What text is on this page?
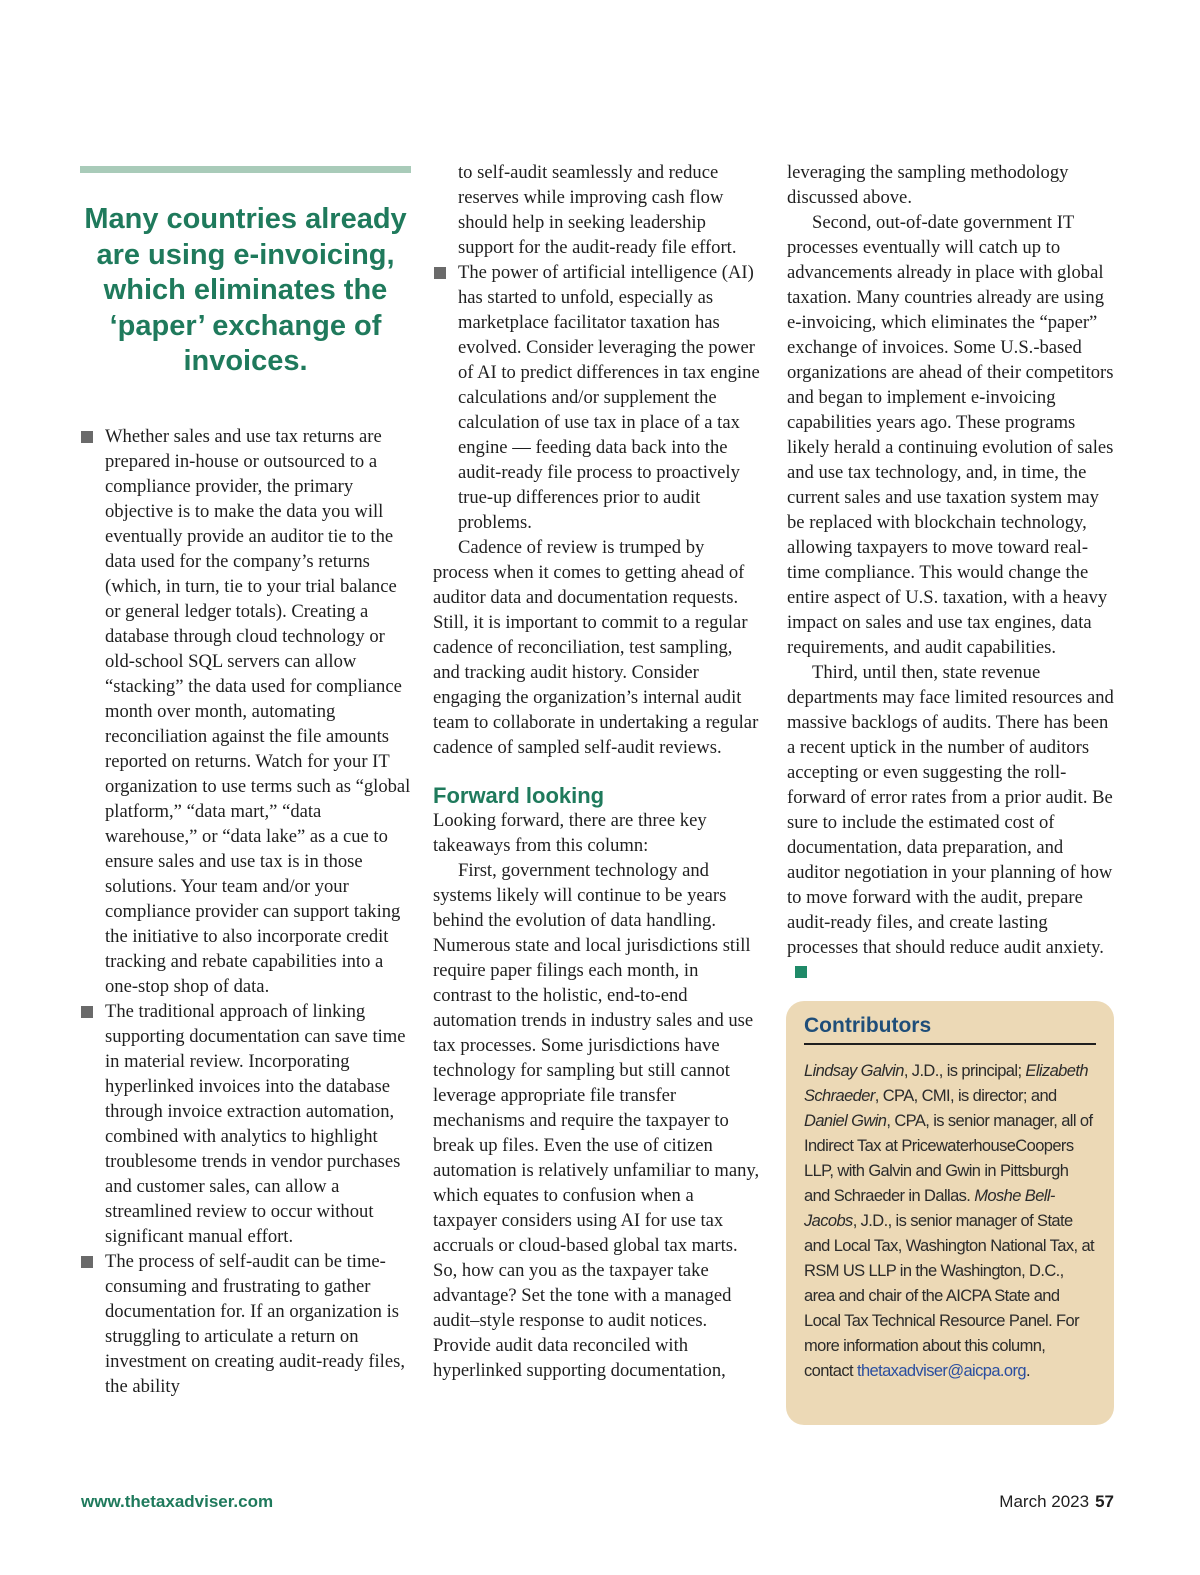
Many countries already are using e-invoicing, which eliminates the ‘paper’ exchange of invoices.

Whether sales and use tax returns are prepared in-house or outsourced to a compliance provider, the primary objective is to make the data you will eventually provide an auditor tie to the data used for the company’s returns (which, in turn, tie to your trial balance or general ledger totals). Creating a database through cloud technology or old-school SQL servers can allow “stacking” the data used for compliance month over month, automating reconciliation against the file amounts reported on returns. Watch for your IT organization to use terms such as “global platform,” “data mart,” “data warehouse,” or “data lake” as a cue to ensure sales and use tax is in those solutions. Your team and/or your compliance provider can support taking the initiative to also incorporate credit tracking and rebate capabilities into a one-stop shop of data.
The traditional approach of linking supporting documentation can save time in material review. Incorporating hyperlinked invoices into the database through invoice extraction automation, combined with analytics to highlight troublesome trends in vendor purchases and customer sales, can allow a streamlined review to occur without significant manual effort.
The process of self-audit can be time-consuming and frustrating to gather documentation for. If an organization is struggling to articulate a return on investment on creating audit-ready files, the ability
to self-audit seamlessly and reduce reserves while improving cash flow should help in seeking leadership support for the audit-ready file effort.
The power of artificial intelligence (AI) has started to unfold, especially as marketplace facilitator taxation has evolved. Consider leveraging the power of AI to predict differences in tax engine calculations and/or supplement the calculation of use tax in place of a tax engine — feeding data back into the audit-ready file process to proactively true-up differences prior to audit problems.

Cadence of review is trumped by process when it comes to getting ahead of auditor data and documentation requests. Still, it is important to commit to a regular cadence of reconciliation, test sampling, and tracking audit history. Consider engaging the organization’s internal audit team to collaborate in undertaking a regular cadence of sampled self-audit reviews.

Forward looking

Looking forward, there are three key takeaways from this column:

First, government technology and systems likely will continue to be years behind the evolution of data handling. Numerous state and local jurisdictions still require paper filings each month, in contrast to the holistic, end-to-end automation trends in industry sales and use tax processes. Some jurisdictions have technology for sampling but still cannot leverage appropriate file transfer mechanisms and require the taxpayer to break up files. Even the use of citizen automation is relatively unfamiliar to many, which equates to confusion when a taxpayer considers using AI for use tax accruals or cloud-based global tax marts. So, how can you as the taxpayer take advantage? Set the tone with a managed audit–style response to audit notices. Provide audit data reconciled with hyperlinked supporting documentation,

leveraging the sampling methodology discussed above.

Second, out-of-date government IT processes eventually will catch up to advancements already in place with global taxation. Many countries already are using e-invoicing, which eliminates the “paper” exchange of invoices. Some U.S.-based organizations are ahead of their competitors and began to implement e-invoicing capabilities years ago. These programs likely herald a continuing evolution of sales and use tax technology, and, in time, the current sales and use taxation system may be replaced with blockchain technology, allowing taxpayers to move toward real-time compliance. This would change the entire aspect of U.S. taxation, with a heavy impact on sales and use tax engines, data requirements, and audit capabilities.

Third, until then, state revenue departments may face limited resources and massive backlogs of audits. There has been a recent uptick in the number of auditors accepting or even suggesting the roll-forward of error rates from a prior audit. Be sure to include the estimated cost of documentation, data preparation, and auditor negotiation in your planning of how to move forward with the audit, prepare audit-ready files, and create lasting processes that should reduce audit anxiety.

Contributors

Lindsay Galvin, J.D., is principal; Elizabeth Schraeder, CPA, CMI, is director; and Daniel Gwin, CPA, is senior manager, all of Indirect Tax at PricewaterhouseCoopers LLP, with Galvin and Gwin in Pittsburgh and Schraeder in Dallas. Moshe Bell-Jacobs, J.D., is senior manager of State and Local Tax, Washington National Tax, at RSM US LLP in the Washington, D.C., area and chair of the AICPA State and Local Tax Technical Resource Panel. For more information about this column, contact thetaxadviser@aicpa.org.

www.thetaxadviser.com	March 2023 57
